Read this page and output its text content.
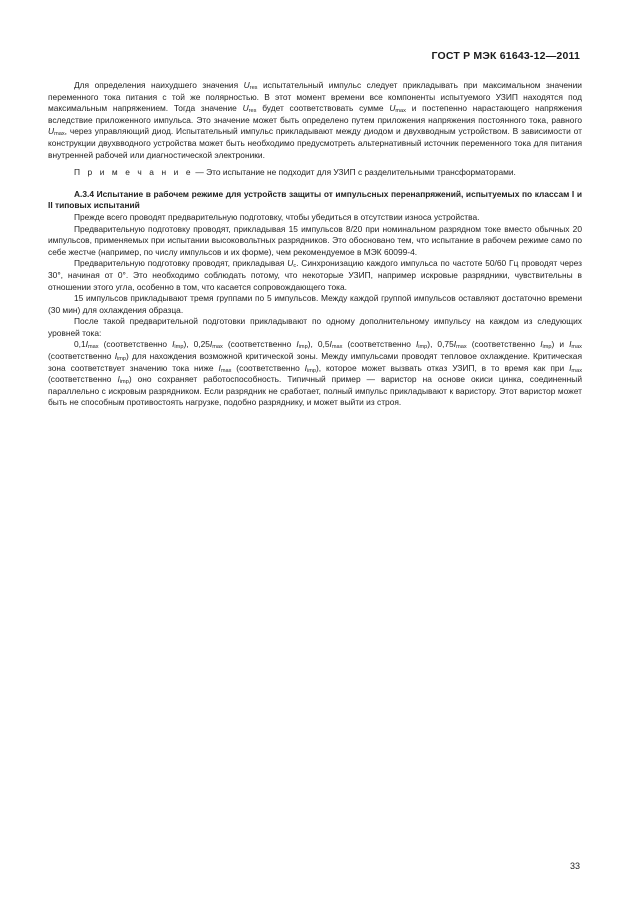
ГОСТ Р МЭК 61643-12—2011

Для определения наихудшего значения $U_{res}$ испытательный импульс следует прикладывать при максимальном значении переменного тока питания с той же полярностью. В этот момент времени все компоненты испытуемого УЗИП находятся под максимальным напряжением. Тогда значение $U_{res}$ будет соответствовать сумме $U_{max}$ и постепенно нарастающего напряжения вследствие приложенного импульса. Это значение может быть определено путем приложения напряжения постоянного тока, равного $U_{max}$, через управляющий диод. Испытательный импульс прикладывают между диодом и двухвводным устройством. В зависимости от конструкции двухвводного устройства может быть необходимо предусмотреть альтернативный источник переменного тока для питания внутренней рабочей или диагностической электроники.

П р и м е ч а н и е — Это испытание не подходит для УЗИП с разделительными трансформаторами.

А.3.4 Испытание в рабочем режиме для устройств защиты от импульсных перенапряжений, испытуемых по классам I и II типовых испытаний

Прежде всего проводят предварительную подготовку, чтобы убедиться в отсутствии износа устройства.

Предварительную подготовку проводят, прикладывая 15 импульсов 8/20 при номинальном разрядном токе вместо обычных 20 импульсов, применяемых при испытании высоковольтных разрядников. Это обосновано тем, что испытание в рабочем режиме само по себе жестче (например, по числу импульсов и их форме), чем рекомендуемое в МЭК 60099-4.

Предварительную подготовку проводят, прикладывая $U_c$. Синхронизацию каждого импульса по частоте 50/60 Гц проводят через 30°, начиная от 0°. Это необходимо соблюдать потому, что некоторые УЗИП, например искровые разрядники, чувствительны в отношении этого угла, особенно в том, что касается сопровождающего тока.

15 импульсов прикладывают тремя группами по 5 импульсов. Между каждой группой импульсов оставляют достаточно времени (30 мин) для охлаждения образца.

После такой предварительной подготовки прикладывают по одному дополнительному импульсу на каждом из следующих уровней тока:

$0,1I_{max}$ (соответственно $I_{imp}$), $0,25I_{max}$ (соответственно $I_{imp}$), $0,5I_{max}$ (соответственно $I_{imp}$), $0,75I_{max}$ (соответственно $I_{imp}$) и $I_{max}$ (соответственно $I_{imp}$) для нахождения возможной критической зоны. Между импульсами проводят тепловое охлаждение. Критическая зона соответствует значению тока ниже $I_{max}$ (соответственно $I_{imp}$), которое может вызвать отказ УЗИП, в то время как при $I_{max}$ (соответственно $I_{imp}$) оно сохраняет работоспособность. Типичный пример — варистор на основе окиси цинка, соединенный параллельно с искровым разрядником. Если разрядник не сработает, полный импульс прикладывают к варистору. Этот варистор может быть не способным противостоять нагрузке, подобно разряднику, и может выйти из строя.

33
